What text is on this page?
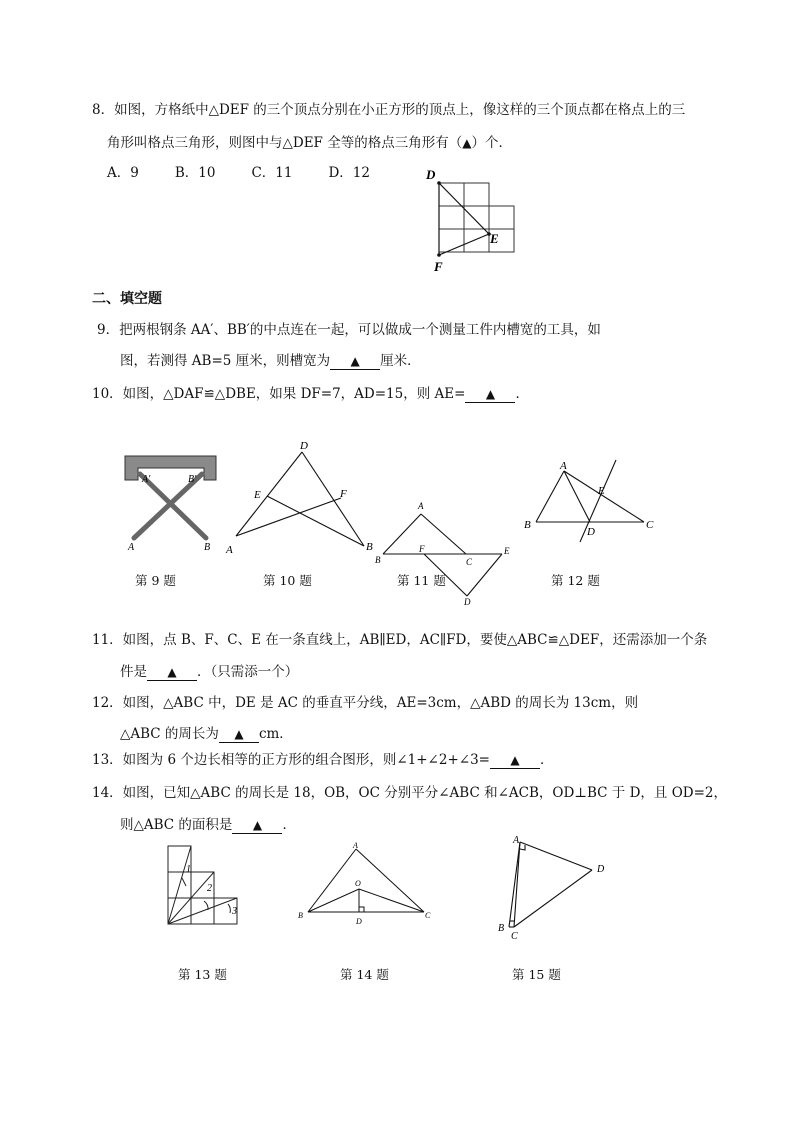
8．如图，方格纸中△DEF 的三个顶点分别在小正方形的顶点上，像这样的三个顶点都在格点上的三
角形叫格点三角形，则图中与△DEF 全等的格点三角形有（▲）个．
A．9	B．10	C．11	D．12	D
E
F
二、填空题
9．把两根钢条 AA′、BB′的中点连在一起，可以做成一个测量工件内槽宽的工具，如
图，若测得 AB=5 厘米，则槽宽为 ▲ 厘米．
10．如图，△DAF≌△DBE，如果 DF=7，AD=15，则 AE= ▲ ．
A′	B′
A	B
第 9 题
D
E	F
A	B
第 10 题
A
B
F
C
E
D
第 11 题
A
E
B
D
C
第 12 题
11．如图，点 B、F、C、E 在一条直线上，AB∥ED，AC∥FD，要使△ABC≌△DEF，还需添加一个条
件是 ▲ ．（只需添一个）
12．如图，△ABC 中，DE 是 AC 的垂直平分线，AE=3cm，△ABD 的周长为 13cm，则
△ABC 的周长为 ▲ cm．
13．如图为 6 个边长相等的正方形的组合图形，则∠1+∠2+∠3= ▲ ．
14．如图，已知△ABC 的周长是 18，OB，OC 分别平分∠ABC 和∠ACB，OD⊥BC 于 D，且 OD=2，
则△ABC 的面积是 ▲ ．
1
2
3
第 13 题
A
O
B
D
C
第 14 题
A
D
B
C
第 15 题
